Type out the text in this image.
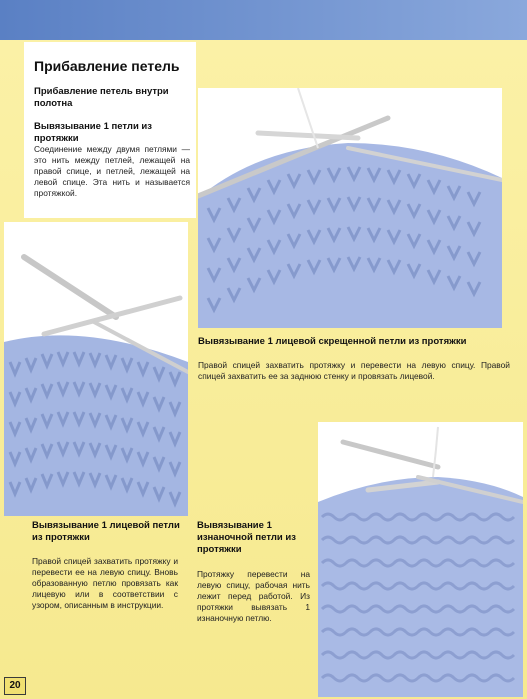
Прибавление петель
Прибавление петель внутри полотна
Вывязывание 1 петли из протяжки
Соединение между двумя петлями — это нить между петлей, лежащей на правой спице, и петлей, лежащей на левой спице. Эта нить и называется протяжкой.
Вывязывание 1 лицевой скрещенной петли из протяжки
Правой спицей захватить протяжку и перевести на левую спицу. Правой спицей захватить ее за заднюю стенку и провязать лицевой.
Вывязывание 1 лицевой петли из протяжки
Правой спицей захватить протяжку и перевести ее на левую спицу. Вновь образованную петлю провязать как лицевую или в соответствии с узором, описанным в инструкции.
Вывязывание 1 изнаночной петли из протяжки
Протяжку перевести на левую спицу, рабочая нить лежит перед работой. Из протяжки вывязать 1 изнаночную петлю.
20
